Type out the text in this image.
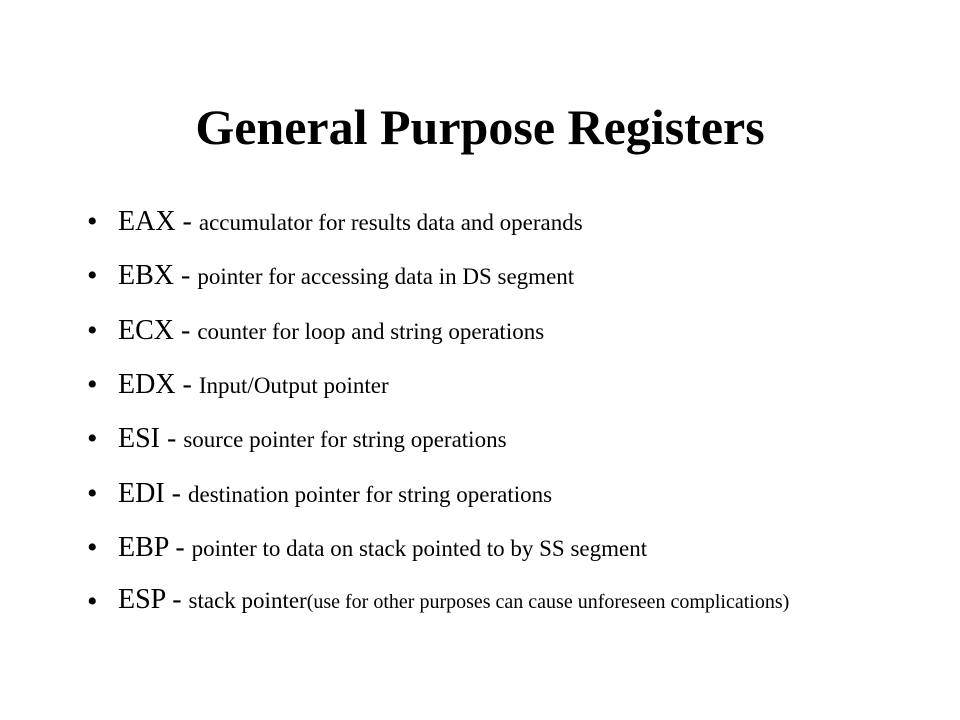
General Purpose Registers
• EAX - accumulator for results data and operands
• EBX - pointer for accessing data in DS segment
• ECX - counter for loop and string operations
• EDX - Input/Output pointer
• ESI - source pointer for string operations
• EDI - destination pointer for string operations
• EBP - pointer to data on stack pointed to by SS segment
• ESP - stack pointer(use for other purposes can cause unforeseen complications)
